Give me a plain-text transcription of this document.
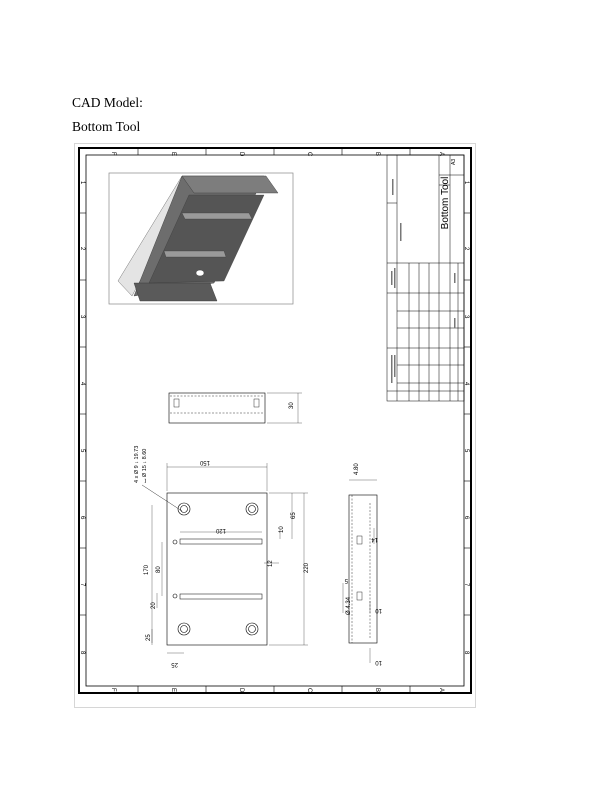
CAD Model:
Bottom Tool
F	E	D	C	B	A
F	E	D	C	B	A
1
2
3
4
5
6
7
8
1
2
3
4
5
6
7
8
Bottom Tool
A3
30
4 x Ø 9 ↓ 19.73 ⌴ Ø 15 ↓ 8.60	150
120
220
65
10
12
170 80
20
25
25
4.80
14
5
Ø 4.34	10
10
